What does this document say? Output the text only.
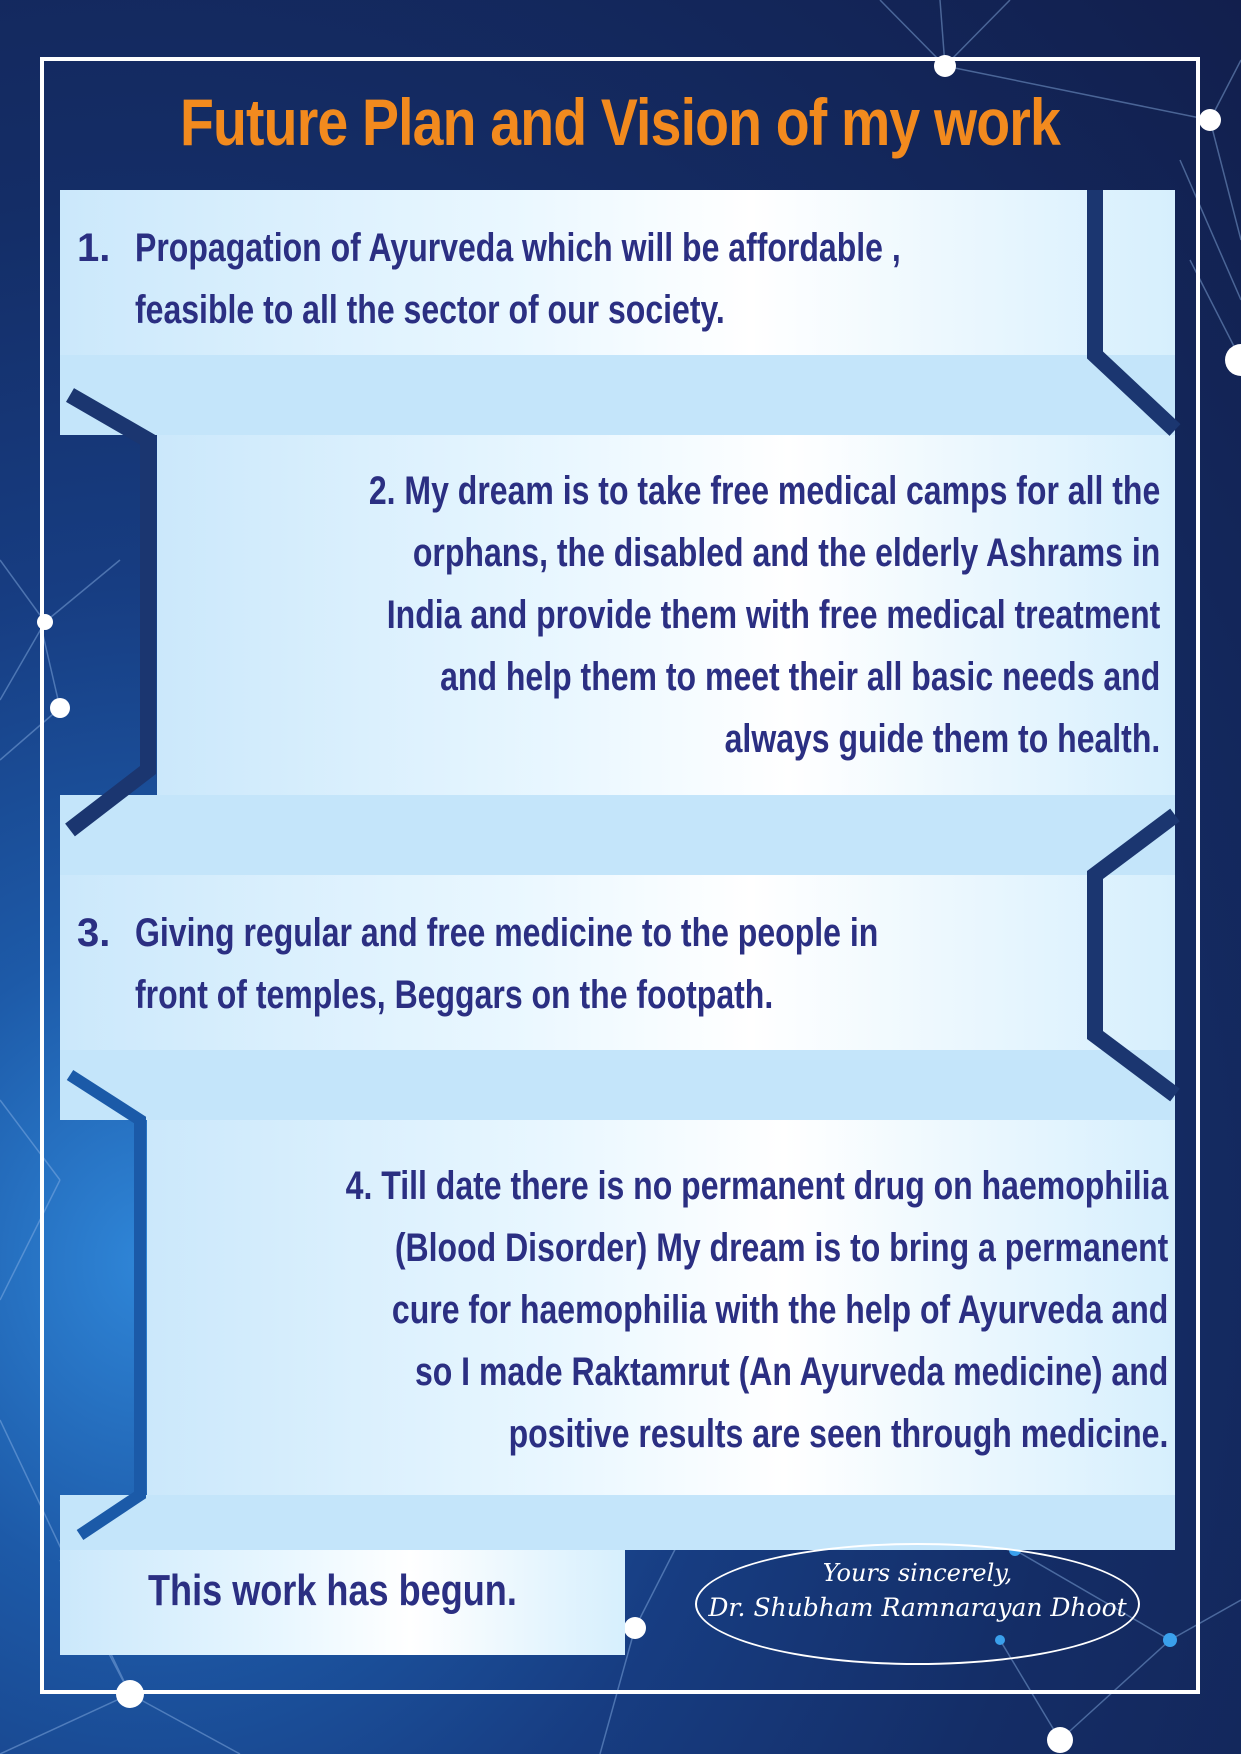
Future Plan and Vision of my work
1. Propagation of Ayurveda which will be affordable ,
feasible to all the sector of our society.
2. My dream is to take free medical camps for all the
orphans, the disabled and the elderly Ashrams in
India and provide them with free medical treatment
and help them to meet their all basic needs and
always guide them to health.
3. Giving regular and free medicine to the people in
front of temples, Beggars on the footpath.
4. Till date there is no permanent drug on haemophilia
(Blood Disorder) My dream is to bring a permanent
cure for haemophilia with the help of Ayurveda and
so I made Raktamrut (An Ayurveda medicine) and
positive results are seen through medicine.

This work has begun.	Yours sincerely,

Dr. Shubham Ramnarayan Dhoot
